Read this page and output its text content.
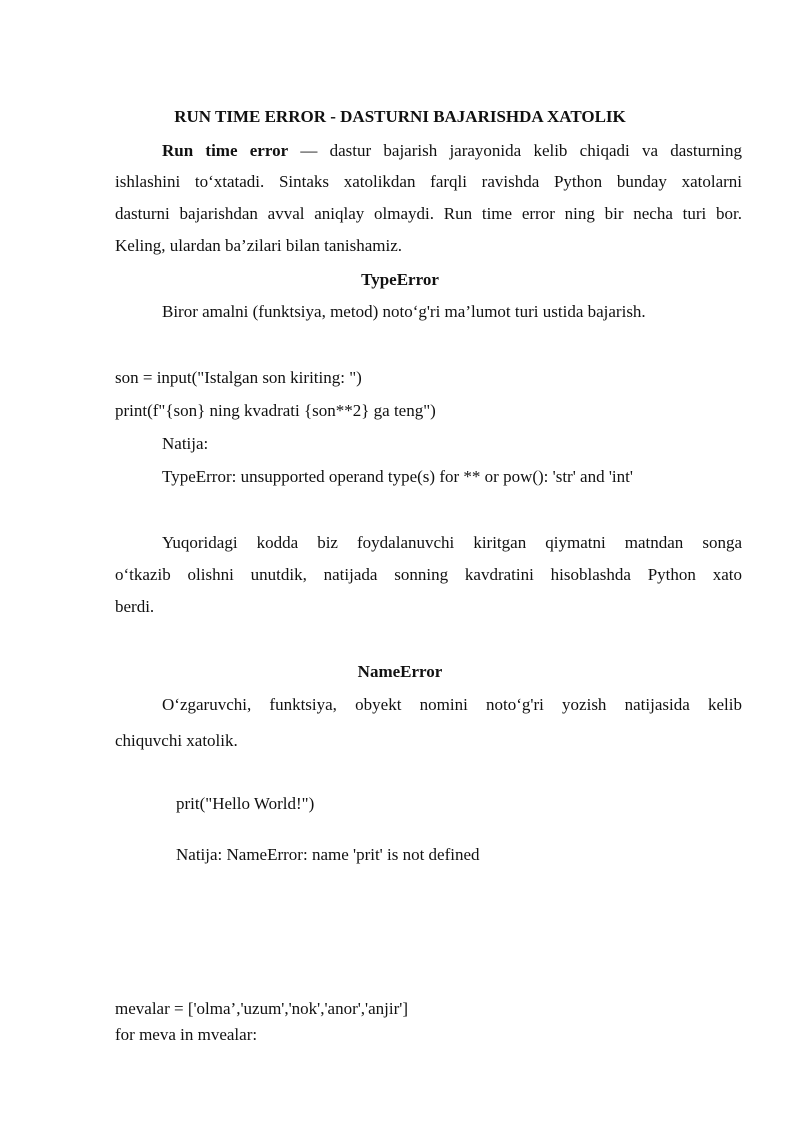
RUN TIME ERROR - DASTURNI BAJARISHDA XATOLIK
Run time error — dastur bajarish jarayonida kelib chiqadi va dasturning
ishlashini to‘xtatadi. Sintaks xatolikdan farqli ravishda Python bunday xatolarni
dasturni bajarishdan avval aniqlay olmaydi. Run time error ning bir necha turi bor.
Keling, ulardan ba’zilari bilan tanishamiz.
TypeError
Biror amalni (funktsiya, metod) noto‘g'ri ma’lumot turi ustida bajarish.
son = input("Istalgan son kiriting: ")
print(f"{son} ning kvadrati {son**2} ga teng")
Natija:
TypeError: unsupported operand type(s) for ** or pow(): 'str' and 'int'
Yuqoridagi kodda biz foydalanuvchi kiritgan qiymatni matndan songa
o‘tkazib olishni unutdik, natijada sonning kavdratini hisoblashda Python xato
berdi.
NameError
O‘zgaruvchi, funktsiya, obyekt nomini noto‘g'ri yozish natijasida kelib
chiquvchi xatolik.
prit("Hello World!")
Natija: NameError: name 'prit' is not defined
mevalar = ['olma’,'uzum','nok','anor','anjir']
for meva in mvealar:
